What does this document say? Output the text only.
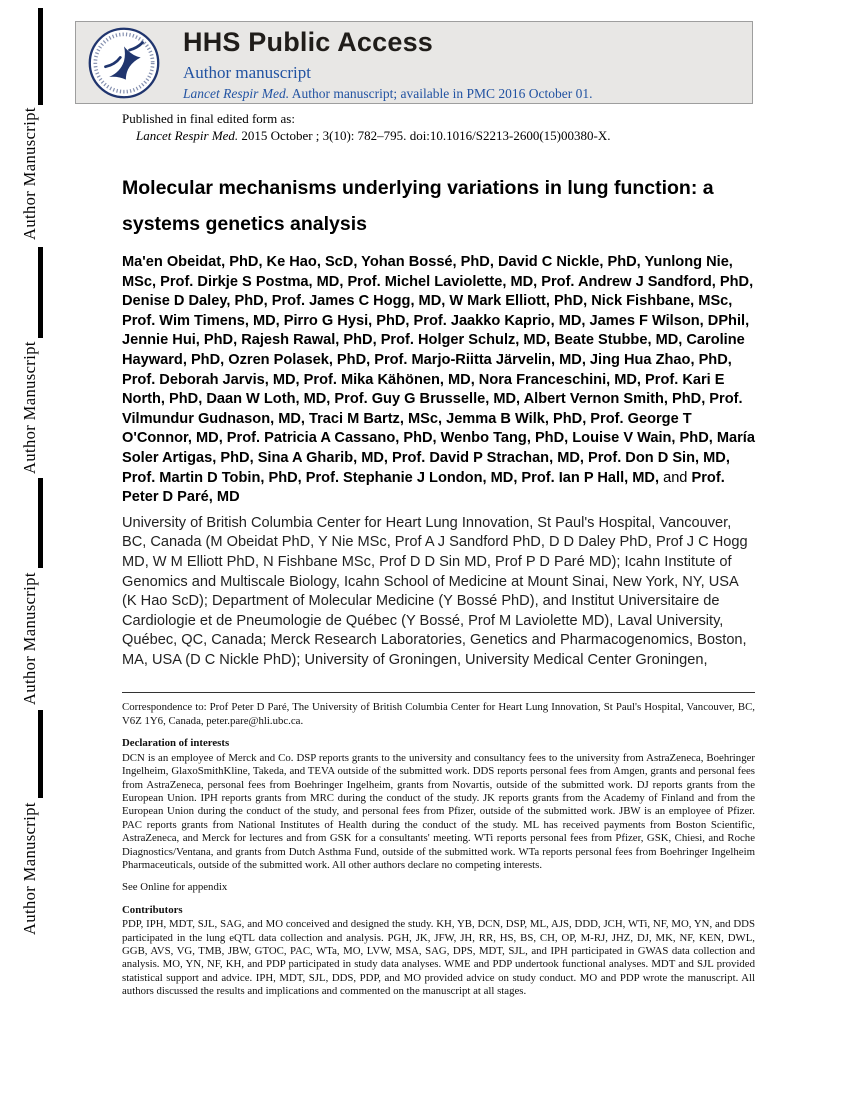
Author Manuscript
Author Manuscript
Author Manuscript
Author Manuscript
HHS Public Access
Author manuscript
Lancet Respir Med. Author manuscript; available in PMC 2016 October 01.
Published in final edited form as:
Lancet Respir Med. 2015 October ; 3(10): 782–795. doi:10.1016/S2213-2600(15)00380-X.
Molecular mechanisms underlying variations in lung function: a systems genetics analysis

Ma'en Obeidat, PhD, Ke Hao, ScD, Yohan Bossé, PhD, David C Nickle, PhD, Yunlong Nie, MSc, Prof. Dirkje S Postma, MD, Prof. Michel Laviolette, MD, Prof. Andrew J Sandford, PhD, Denise D Daley, PhD, Prof. James C Hogg, MD, W Mark Elliott, PhD, Nick Fishbane, MSc, Prof. Wim Timens, MD, Pirro G Hysi, PhD, Prof. Jaakko Kaprio, MD, James F Wilson, DPhil, Jennie Hui, PhD, Rajesh Rawal, PhD, Prof. Holger Schulz, MD, Beate Stubbe, MD, Caroline Hayward, PhD, Ozren Polasek, PhD, Prof. Marjo-Riitta Järvelin, MD, Jing Hua Zhao, PhD, Prof. Deborah Jarvis, MD, Prof. Mika Kähönen, MD, Nora Franceschini, MD, Prof. Kari E North, PhD, Daan W Loth, MD, Prof. Guy G Brusselle, MD, Albert Vernon Smith, PhD, Prof. Vilmundur Gudnason, MD, Traci M Bartz, MSc, Jemma B Wilk, PhD, Prof. George T O'Connor, MD, Prof. Patricia A Cassano, PhD, Wenbo Tang, PhD, Louise V Wain, PhD, María Soler Artigas, PhD, Sina A Gharib, MD, Prof. David P Strachan, MD, Prof. Don D Sin, MD, Prof. Martin D Tobin, PhD, Prof. Stephanie J London, MD, Prof. Ian P Hall, MD, and Prof. Peter D Paré, MD

University of British Columbia Center for Heart Lung Innovation, St Paul's Hospital, Vancouver, BC, Canada (M Obeidat PhD, Y Nie MSc, Prof A J Sandford PhD, D D Daley PhD, Prof J C Hogg MD, W M Elliott PhD, N Fishbane MSc, Prof D D Sin MD, Prof P D Paré MD); Icahn Institute of Genomics and Multiscale Biology, Icahn School of Medicine at Mount Sinai, New York, NY, USA (K Hao ScD); Department of Molecular Medicine (Y Bossé PhD), and Institut Universitaire de Cardiologie et de Pneumologie de Québec (Y Bossé, Prof M Laviolette MD), Laval University, Québec, QC, Canada; Merck Research Laboratories, Genetics and Pharmacogenomics, Boston, MA, USA (D C Nickle PhD); University of Groningen, University Medical Center Groningen,

Correspondence to: Prof Peter D Paré, The University of British Columbia Center for Heart Lung Innovation, St Paul's Hospital, Vancouver, BC, V6Z 1Y6, Canada, peter.pare@hli.ubc.ca.

Declaration of interests

DCN is an employee of Merck and Co. DSP reports grants to the university and consultancy fees to the university from AstraZeneca, Boehringer Ingelheim, GlaxoSmithKline, Takeda, and TEVA outside of the submitted work. DDS reports personal fees from Amgen, grants and personal fees from AstraZeneca, personal fees from Boehringer Ingelheim, grants from Novartis, outside of the submitted work. DJ reports grants from the European Union. IPH reports grants from MRC during the conduct of the study. JK reports grants from the Academy of Finland and from the European Union during the conduct of the study, and personal fees from Pfizer, outside of the submitted work. JBW is an employee of Pfizer. PAC reports grants from National Institutes of Health during the conduct of the study. ML has received payments from Boston Scientific, AstraZeneca, and Merck for lectures and from GSK for a consultants' meeting. WTi reports personal fees from Pfizer, GSK, Chiesi, and Roche Diagnostics/Ventana, and grants from Dutch Asthma Fund, outside of the submitted work. WTa reports personal fees from Boehringer Ingelheim Pharmaceuticals, outside of the submitted work. All other authors declare no competing interests.

See Online for appendix

Contributors

PDP, IPH, MDT, SJL, SAG, and MO conceived and designed the study. KH, YB, DCN, DSP, ML, AJS, DDD, JCH, WTi, NF, MO, YN, and DDS participated in the lung eQTL data collection and analysis. PGH, JK, JFW, JH, RR, HS, BS, CH, OP, M-RJ, JHZ, DJ, MK, NF, KEN, DWL, GGB, AVS, VG, TMB, JBW, GTOC, PAC, WTa, MO, LVW, MSA, SAG, DPS, MDT, SJL, and IPH participated in GWAS data collection and analysis. MO, YN, NF, KH, and PDP participated in study data analyses. WME and PDP undertook functional analyses. MDT and SJL provided statistical support and advice. IPH, MDT, SJL, DDS, PDP, and MO provided advice on study conduct. MO and PDP wrote the manuscript. All authors discussed the results and implications and commented on the manuscript at all stages.
